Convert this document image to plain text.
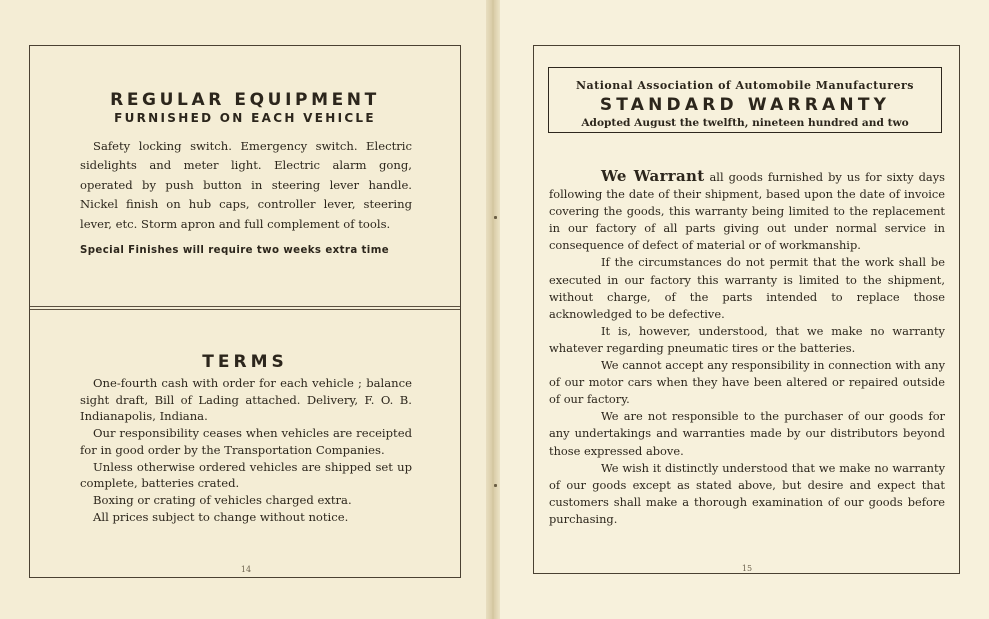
REGULAR EQUIPMENT
FURNISHED ON EACH VEHICLE
Safety locking switch. Emergency switch. Electric sidelights and meter light. Electric alarm gong, operated by push button in steering lever handle. Nickel finish on hub caps, controller lever, steering lever, etc. Storm apron and full complement of tools.
Special Finishes will require two weeks extra time
TERMS

One-fourth cash with order for each vehicle ; balance sight draft, Bill of Lading attached. Delivery, F. O. B. Indianapolis, Indiana.

Our responsibility ceases when vehicles are receipted for in good order by the Transportation Companies.

Unless otherwise ordered vehicles are shipped set up complete, batteries crated.

Boxing or crating of vehicles charged extra.

All prices subject to change without notice.

14
National Association of Automobile Manufacturers
STANDARD WARRANTY
Adopted August the twelfth, nineteen hundred and two

We Warrant all goods furnished by us for sixty days following the date of their shipment, based upon the date of invoice covering the goods, this warranty being limited to the replacement in our factory of all parts giving out under normal service in consequence of defect of material or of workmanship.

If the circumstances do not permit that the work shall be executed in our factory this warranty is limited to the shipment, without charge, of the parts intended to replace those acknowledged to be defective.

It is, however, understood, that we make no warranty whatever regarding pneumatic tires or the batteries.

We cannot accept any responsibility in connection with any of our motor cars when they have been altered or repaired outside of our factory.

We are not responsible to the purchaser of our goods for any undertakings and warranties made by our distributors beyond those expressed above.

We wish it distinctly understood that we make no warranty of our goods except as stated above, but desire and expect that customers shall make a thorough examination of our goods before purchasing.

15
